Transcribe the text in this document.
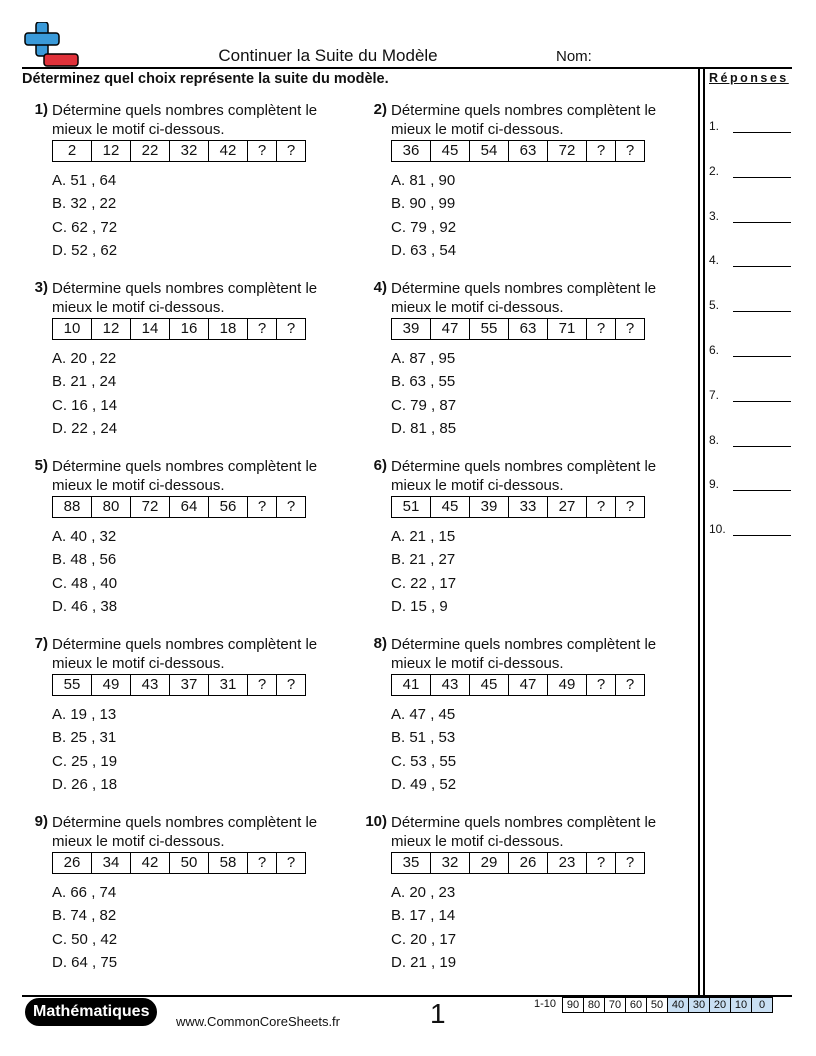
Continuer la Suite du Modèle	Nom:
Déterminez quel choix représente la suite du modèle.	Réponses
1.
2.
3.
4.
5.
6.
7.
8.
9.
10.
1) Détermine quels nombres complètent le mieux le motif ci-dessous.
2	12	22	32	42	?	?
A. 51 , 64
B. 32 , 22
C. 62 , 72
D. 52 , 62
2) Détermine quels nombres complètent le mieux le motif ci-dessous.
36	45	54	63	72	?	?
A. 81 , 90
B. 90 , 99
C. 79 , 92
D. 63 , 54
3) Détermine quels nombres complètent le mieux le motif ci-dessous.
10	12	14	16	18	?	?
A. 20 , 22
B. 21 , 24
C. 16 , 14
D. 22 , 24
4) Détermine quels nombres complètent le mieux le motif ci-dessous.
39	47	55	63	71	?	?
A. 87 , 95
B. 63 , 55
C. 79 , 87
D. 81 , 85
5) Détermine quels nombres complètent le mieux le motif ci-dessous.
88	80	72	64	56	?	?
A. 40 , 32
B. 48 , 56
C. 48 , 40
D. 46 , 38
6) Détermine quels nombres complètent le mieux le motif ci-dessous.
51	45	39	33	27	?	?
A. 21 , 15
B. 21 , 27
C. 22 , 17
D. 15 , 9
7) Détermine quels nombres complètent le mieux le motif ci-dessous.
55	49	43	37	31	?	?
A. 19 , 13
B. 25 , 31
C. 25 , 19
D. 26 , 18
8) Détermine quels nombres complètent le mieux le motif ci-dessous.
41	43	45	47	49	?	?
A. 47 , 45
B. 51 , 53
C. 53 , 55
D. 49 , 52
9) Détermine quels nombres complètent le mieux le motif ci-dessous.
26	34	42	50	58	?	?
A. 66 , 74
B. 74 , 82
C. 50 , 42
D. 64 , 75
10) Détermine quels nombres complètent le mieux le motif ci-dessous.
35	32	29	26	23	?	?
A. 20 , 23
B. 17 , 14
C. 20 , 17
D. 21 , 19
Mathématiques
www.CommonCoreSheets.fr	1	1-10 90 80 70 60 50 40 30 20 10	0
